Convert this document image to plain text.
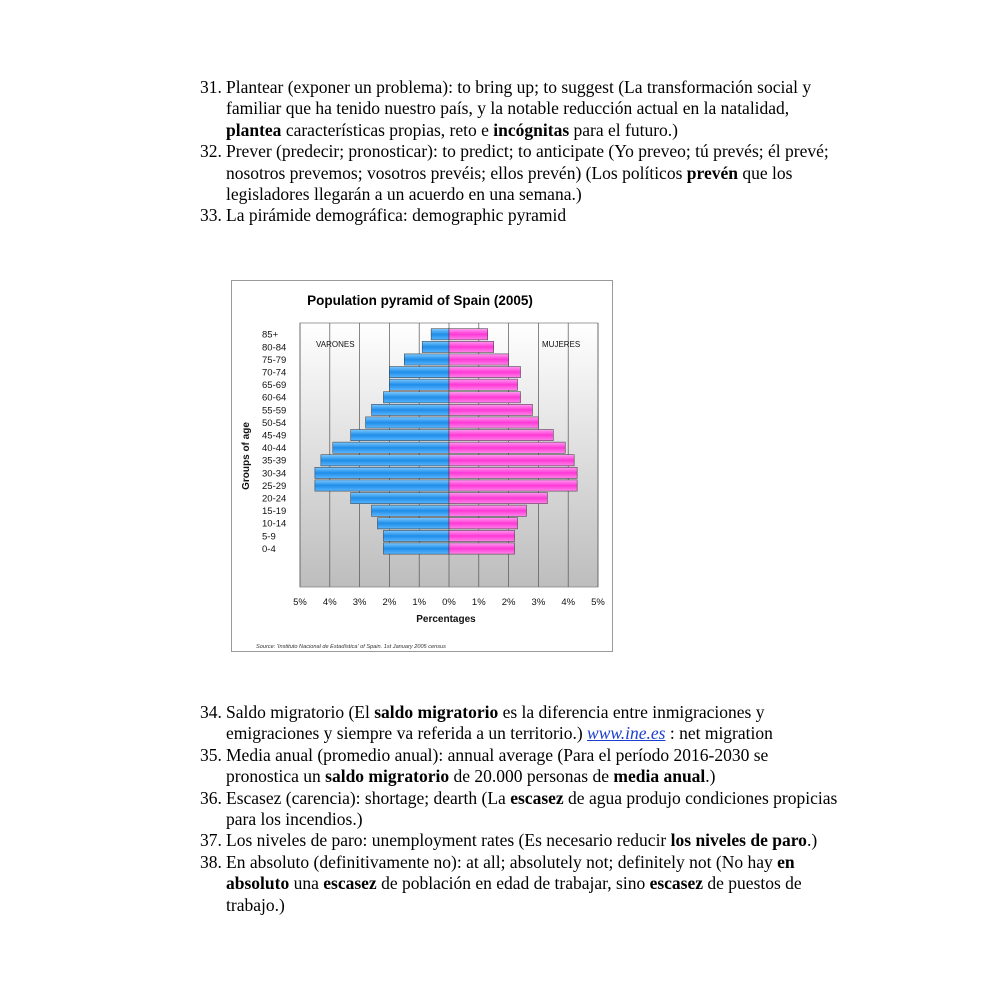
31. Plantear (exponer un problema): to bring up; to suggest (La transformación social y familiar que ha tenido nuestro país, y la notable reducción actual en la natalidad, plantea características propias, reto e incógnitas para el futuro.)
32. Prever (predecir; pronosticar): to predict; to anticipate (Yo preveo; tú prevés; él prevé; nosotros prevemos; vosotros prevéis; ellos prevén) (Los políticos prevén que los legisladores llegarán a un acuerdo en una semana.)
33. La pirámide demográfica: demographic pyramid
Population pyramid of Spain (2005)
85+
80-84
75-79
70-74
65-69
60-64
55-59
50-54
45-49
40-44
35-39
30-34
25-29
20-24
15-19
10-14
5-9
0-4
5% 4% 3% 2% 1% 0% 1% 2% 3% 4% 5%
VARONES	MUJERES
Percentages
Groups of age
Source: 'Instituto Nacional de Estadística' of Spain. 1st January 2005 census
34. Saldo migratorio (El saldo migratorio es la diferencia entre inmigraciones y emigraciones y siempre va referida a un territorio.) www.ine.es : net migration
35. Media anual (promedio anual): annual average (Para el período 2016-2030 se pronostica un saldo migratorio de 20.000 personas de media anual.)
36. Escasez (carencia): shortage; dearth (La escasez de agua produjo condiciones propicias para los incendios.)
37. Los niveles de paro: unemployment rates (Es necesario reducir los niveles de paro.)
38. En absoluto (definitivamente no): at all; absolutely not; definitely not (No hay en absoluto una escasez de población en edad de trabajar, sino escasez de puestos de trabajo.)
